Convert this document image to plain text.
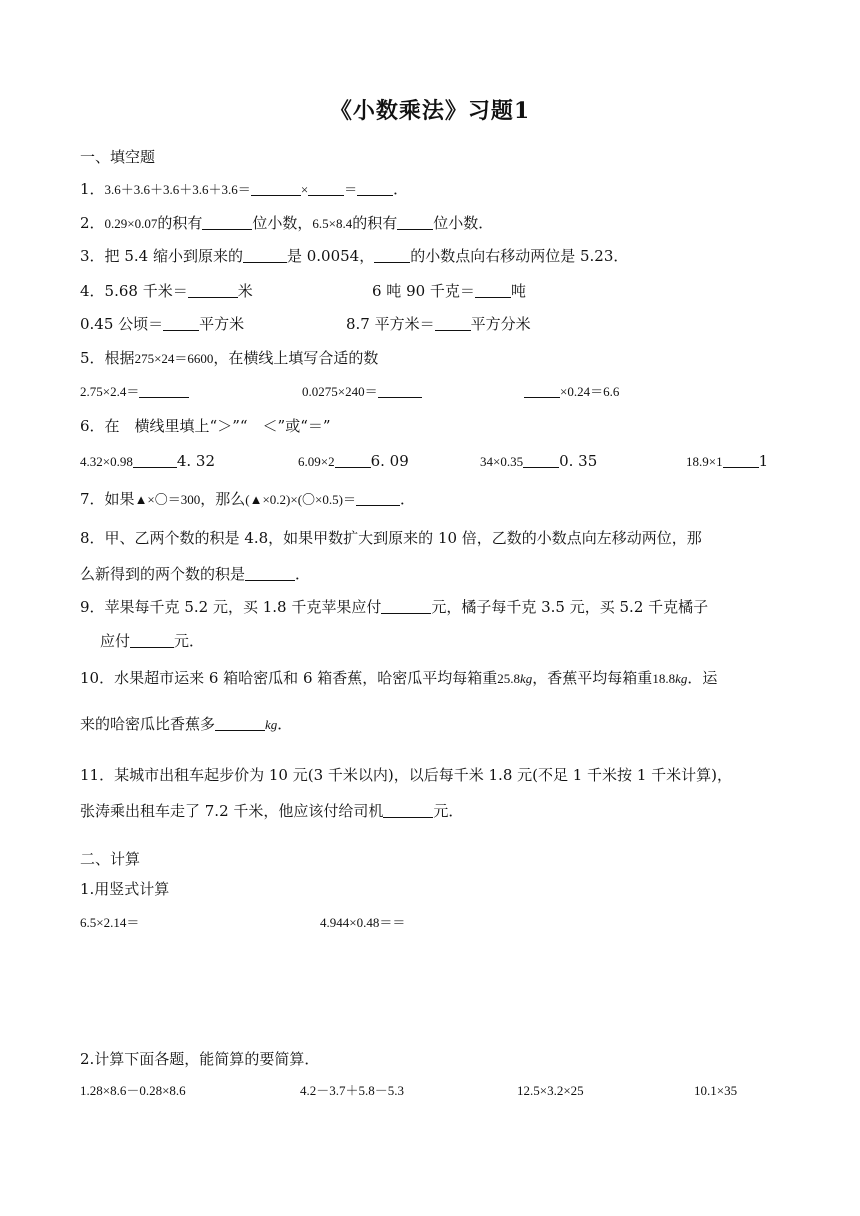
《小数乘法》习题1
一、填空题
1．3.6＋3.6＋3.6＋3.6＋3.6＝	×	＝ ．
2．0.29×0.07的积有	位小数，6.5×8.4的积有 位小数．
3．把 5.4 缩小到原来的	是 0.0054， 的小数点向右移动两位是 5.23．
4．5.68 千米＝	米	6 吨 90 千克＝ 吨
0.45 公顷＝ 平方米	8.7 平方米＝ 平方分米
5．根据275×24＝6600，在横线上填写合适的数
2.75×2.4＝	0.0275×240＝	×0.24＝6.6
6．在　横线里填上“＞”“　＜”或“＝”
4.32×0.98	4. 32	6.09×2 6. 09	34×0.35 0. 35	18.9×1 1
7．如果▲×〇＝300，那么(▲×0.2)×(〇×0.5)＝	．
8．甲、乙两个数的积是 4.8，如果甲数扩大到原来的 10 倍，乙数的小数点向左移动两位，那
么新得到的两个数的积是	．
9．苹果每千克 5.2 元，买 1.8 千克苹果应付	元，橘子每千克 3.5 元，买 5.2 千克橘子
应付	元．
10．水果超市运来 6 箱哈密瓜和 6 箱香蕉，哈密瓜平均每箱重25.8kg，香蕉平均每箱重18.8kg．运
来的哈密瓜比香蕉多	kg．
11．某城市出租车起步价为 10 元(3 千米以内)，以后每千米 1.8 元(不足 1 千米按 1 千米计算)，
张涛乘出租车走了 7.2 千米，他应该付给司机	元．
二、计算
1.用竖式计算
6.5×2.14＝	4.944×0.48＝＝
2.计算下面各题，能简算的要简算．
1.28×8.6－0.28×8.6	4.2－3.7＋5.8－5.3	12.5×3.2×25	10.1×35
